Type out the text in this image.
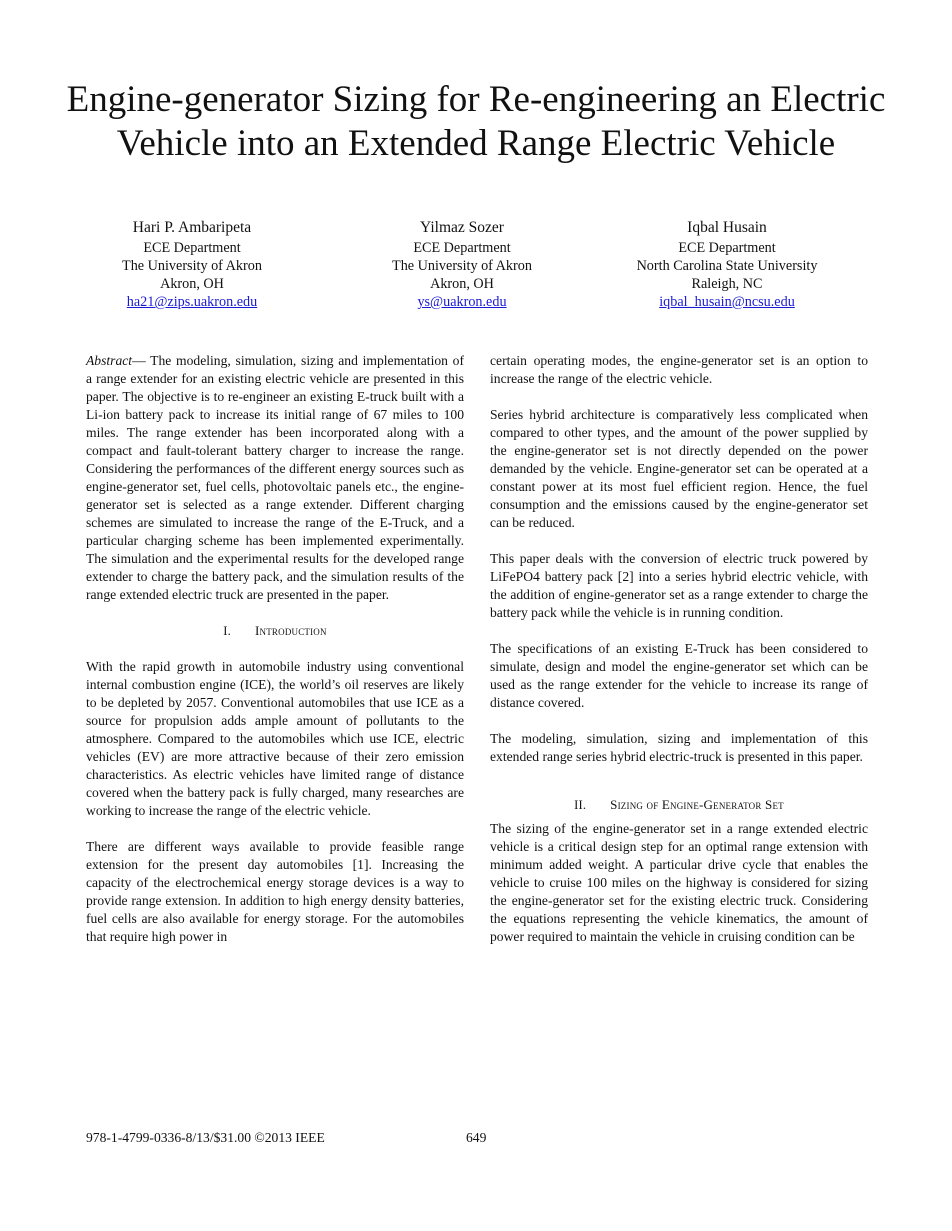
Engine-generator Sizing for Re-engineering an Electric Vehicle into an Extended Range Electric Vehicle
Hari P. Ambaripeta
ECE Department
The University of Akron
Akron, OH
ha21@zips.uakron.edu
Yilmaz Sozer
ECE Department
The University of Akron
Akron, OH
ys@uakron.edu
Iqbal Husain
ECE Department
North Carolina State University
Raleigh, NC
iqbal_husain@ncsu.edu

Abstract— The modeling, simulation, sizing and implementation of a range extender for an existing electric vehicle are presented in this paper. The objective is to re-engineer an existing E-truck built with a Li-ion battery pack to increase its initial range of 67 miles to 100 miles. The range extender has been incorporated along with a compact and fault-tolerant battery charger to increase the range. Considering the performances of the different energy sources such as engine-generator set, fuel cells, photovoltaic panels etc., the engine-generator set is selected as a range extender. Different charging schemes are simulated to increase the range of the E-Truck, and a particular charging scheme has been implemented experimentally. The simulation and the experimental results for the developed range extender to charge the battery pack, and the simulation results of the range extended electric truck are presented in the paper.

I. Introduction

With the rapid growth in automobile industry using conventional internal combustion engine (ICE), the world’s oil reserves are likely to be depleted by 2057. Conventional automobiles that use ICE as a source for propulsion adds ample amount of pollutants to the atmosphere. Compared to the automobiles which use ICE, electric vehicles (EV) are more attractive because of their zero emission characteristics. As electric vehicles have limited range of distance covered when the battery pack is fully charged, many researches are working to increase the range of the electric vehicle.

There are different ways available to provide feasible range extension for the present day automobiles [1]. Increasing the capacity of the electrochemical energy storage devices is a way to provide range extension. In addition to high energy density batteries, fuel cells are also available for energy storage. For the automobiles that require high power in

certain operating modes, the engine-generator set is an option to increase the range of the electric vehicle.

Series hybrid architecture is comparatively less complicated when compared to other types, and the amount of the power supplied by the engine-generator set is not directly depended on the power demanded by the vehicle. Engine-generator set can be operated at a constant power at its most fuel efficient region. Hence, the fuel consumption and the emissions caused by the engine-generator set can be reduced.

This paper deals with the conversion of electric truck powered by LiFePO4 battery pack [2] into a series hybrid electric vehicle, with the addition of engine-generator set as a range extender to charge the battery pack while the vehicle is in running condition.

The specifications of an existing E-Truck has been considered to simulate, design and model the engine-generator set which can be used as the range extender for the vehicle to increase its range of distance covered.

The modeling, simulation, sizing and implementation of this extended range series hybrid electric-truck is presented in this paper.

II. Sizing of Engine-Generator Set

The sizing of the engine-generator set in a range extended electric vehicle is a critical design step for an optimal range extension with minimum added weight. A particular drive cycle that enables the vehicle to cruise 100 miles on the highway is considered for sizing the engine-generator set for the existing electric truck. Considering the equations representing the vehicle kinematics, the amount of power required to maintain the vehicle in cruising condition can be

978-1-4799-0336-8/13/$31.00 ©2013 IEEE	649
